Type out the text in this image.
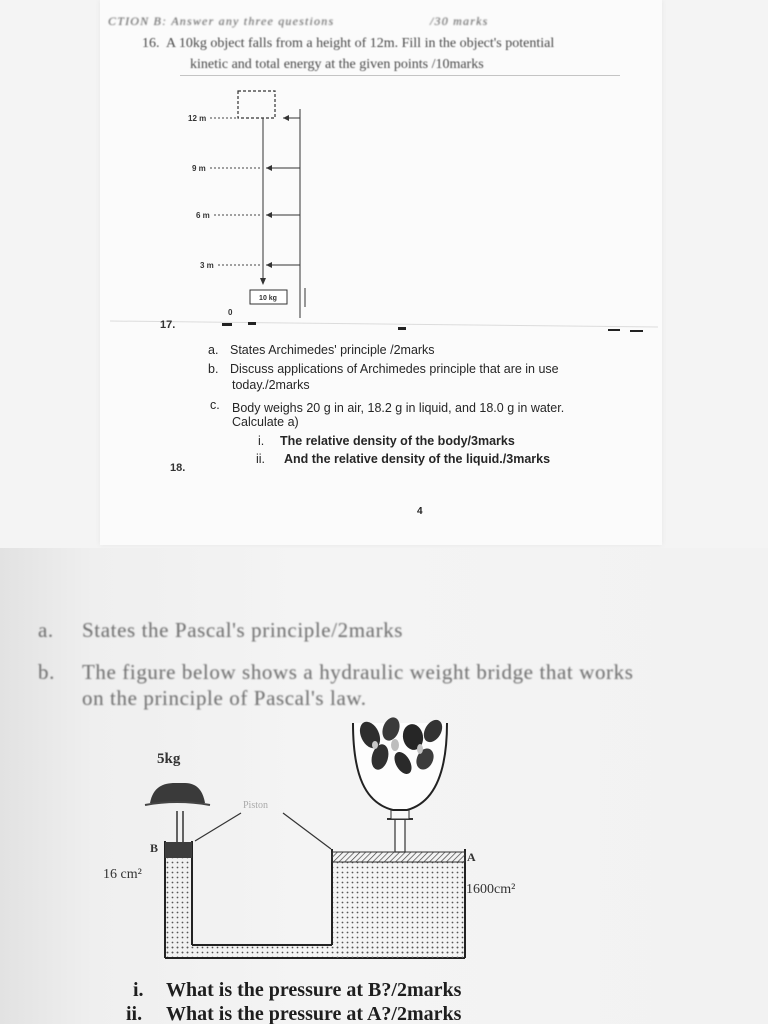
CTION B: Answer any three questions	/30 marks
16. A 10kg object falls from a height of 12m. Fill in the object's potential
kinetic and total energy at the given points /10marks
12 m
9 m
6 m
3 m
10 kg
0
17.
a. States Archimedes' principle /2marks
b. Discuss applications of Archimedes principle that are in use
today./2marks
c. Body weighs 20 g in air, 18.2 g in liquid, and 18.0 g in water.
Calculate a)
i. The relative density of the body/3marks
ii. And the relative density of the liquid./3marks
18.
4
a. States the Pascal's principle/2marks
b. The figure below shows a hydraulic weight bridge that works
on the principle of Pascal's law.
5kg
B
16 cm²
A
1600cm²
Piston
i. What is the pressure at B?/2marks
ii. What is the pressure at A?/2marks
